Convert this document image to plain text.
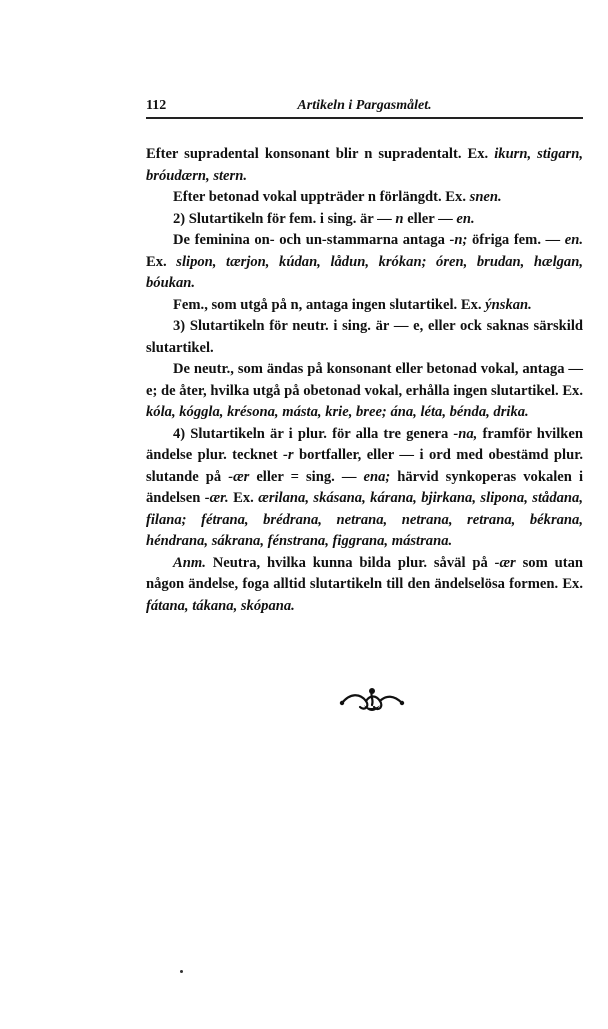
112	Artikeln i Pargasmålet.

Efter supradental konsonant blir n supradentalt. Ex. ikurn, stigarn, bróudærn, stern.

Efter betonad vokal uppträder n förlängdt. Ex. snen.

2) Slutartikeln för fem. i sing. är — n eller — en.

De feminina on- och un-stammarna antaga -n; öfriga fem. — en. Ex. slipon, tærjon, kúdan, lådun, krókan; óren, brudan, hælgan, bóukan.

Fem., som utgå på n, antaga ingen slutartikel. Ex. ýnskan.

3) Slutartikeln för neutr. i sing. är — e, eller ock saknas särskild slutartikel.

De neutr., som ändas på konsonant eller betonad vokal, antaga — e; de åter, hvilka utgå på obetonad vokal, erhålla ingen slutartikel. Ex. kóla, kóggla, krésona, másta, krie, bree; ána, léta, bénda, drika.

4) Slutartikeln är i plur. för alla tre genera -na, framför hvilken ändelse plur. tecknet -r bortfaller, eller — i ord med obestämd plur. slutande på -ær eller = sing. — ena; härvid synkoperas vokalen i ändelsen -ær. Ex. ærilana, skásana, kárana, bjirkana, slipona, stådana, filana; fétrana, brédrana, netrana, netrana, retrana, békrana, héndrana, sákrana, fénstrana, figgrana, mástrana.

Anm. Neutra, hvilka kunna bilda plur. såväl på -ær som utan någon ändelse, foga alltid slutartikeln till den ändelselösa formen. Ex. fátana, tákana, skópana.
